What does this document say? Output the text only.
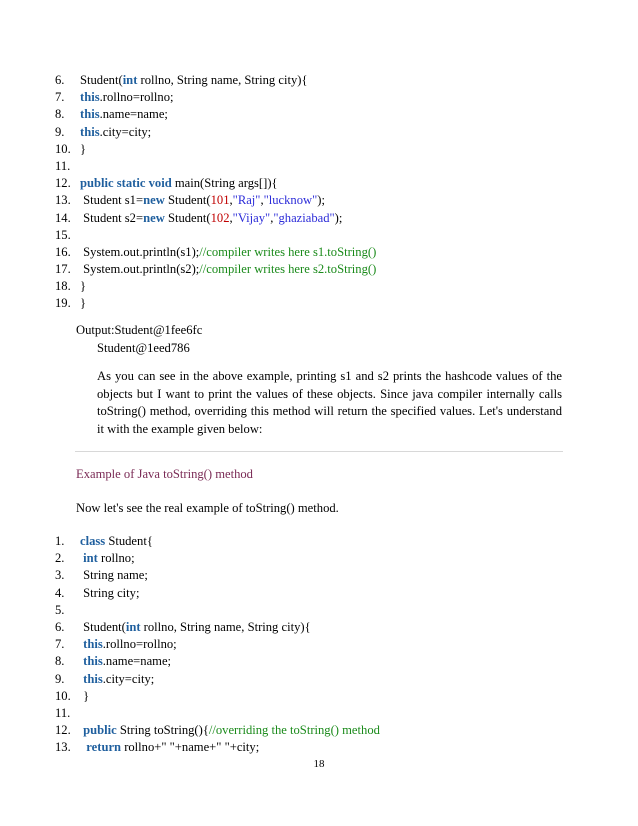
6.	Student(int rollno, String name, String city){
7.	this.rollno=rollno;
8.	this.name=name;
9.	this.city=city;
10. }
11.
12. public static void main(String args[]){
13. Student s1=new Student(101,"Raj","lucknow");
14. Student s2=new Student(102,"Vijay","ghaziabad");
15.
16. System.out.println(s1);//compiler writes here s1.toString()
17. System.out.println(s2);//compiler writes here s2.toString()
18. }
19. }
Output:Student@1fee6fc
Student@1eed786
As you can see in the above example, printing s1 and s2 prints the hashcode values of the objects but I want to print the values of these objects. Since java compiler internally calls toString() method, overriding this method will return the specified values. Let's understand it with the example given below:
Example of Java toString() method
Now let's see the real example of toString() method.
1.	class Student{
2.	int rollno;
3.	String name;
4.	String city;
5.
6.	Student(int rollno, String name, String city){
7.	this.rollno=rollno;
8.	this.name=name;
9.	this.city=city;
10. }
11.
12. public String toString(){//overriding the toString() method
13.	return rollno+" "+name+" "+city;
18
